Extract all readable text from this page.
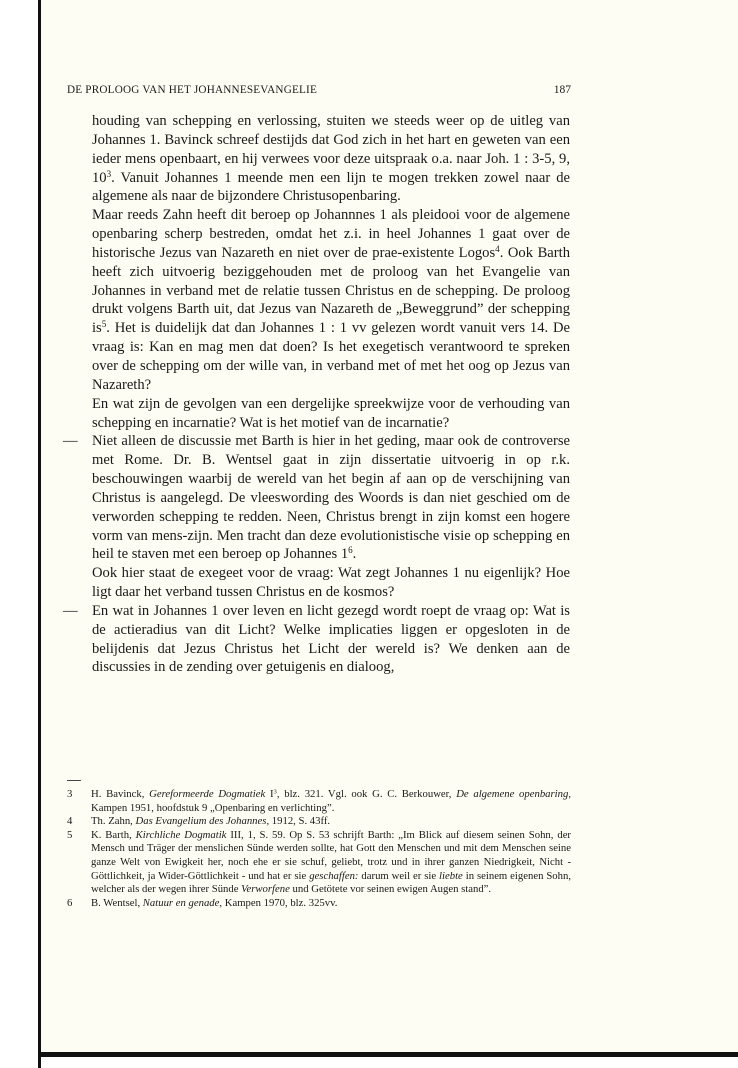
DE PROLOOG VAN HET JOHANNESEVANGELIE	187

houding van schepping en verlossing, stuiten we steeds weer op de uitleg van Johannes 1. Bavinck schreef destijds dat God zich in het hart en geweten van een ieder mens openbaart, en hij verwees voor deze uitspraak o.a. naar Joh. 1 : 3-5, 9, $10^3$. Vanuit Johannes 1 meende men een lijn te mogen trekken zowel naar de algemene als naar de bijzondere Christusopenbaring.

Maar reeds Zahn heeft dit beroep op Johannnes 1 als pleidooi voor de algemene openbaring scherp bestreden, omdat het z.i. in heel Johannes 1 gaat over de historische Jezus van Nazareth en niet over de prae-existente Logos$^4$. Ook Barth heeft zich uitvoerig beziggehouden met de proloog van het Evangelie van Johannes in verband met de relatie tussen Christus en de schepping. De proloog drukt volgens Barth uit, dat Jezus van Nazareth de „Beweggrund” der schepping $is^5$. Het is duidelijk dat dan Johannes 1 : 1 vv gelezen wordt vanuit vers 14. De vraag is: Kan en mag men dat doen? Is het exegetisch verantwoord te spreken over de schepping om der wille van, in verband met of met het oog op Jezus van Nazareth?

En wat zijn de gevolgen van een dergelijke spreekwijze voor de verhouding van schepping en incarnatie? Wat is het motief van de incarnatie?

— Niet alleen de discussie met Barth is hier in het geding, maar ook de controverse met Rome. Dr. B. Wentsel gaat in zijn dissertatie uitvoerig in op r.k. beschouwingen waarbij de wereld van het begin af aan op de verschijning van Christus is aangelegd. De vleeswording des Woords is dan niet geschied om de verworden schepping te redden. Neen, Christus brengt in zijn komst een hogere vorm van mens-zijn. Men tracht dan deze evolutionistische visie op schepping en heil te staven met een beroep op Johannes $1^6$.

Ook hier staat de exegeet voor de vraag: Wat zegt Johannes 1 nu eigenlijk? Hoe ligt daar het verband tussen Christus en de kosmos?

— En wat in Johannes 1 over leven en licht gezegd wordt roept de vraag op: Wat is de actieradius van dit Licht? Welke implicaties liggen er opgesloten in de belijdenis dat Jezus Christus het Licht der wereld is? We denken aan de discussies in de zending over getuigenis en dialoog,

3	H. Bavinck, Gereformeerde Dogmatiek $I^3$, blz. 321. Vgl. ook G. C. Berkouwer, De algemene openbaring, Kampen 1951, hoofdstuk 9 „Openbaring en verlichting”.
4	Th. Zahn, Das Evangelium des Johannes, 1912, S. 43ff.
5	K. Barth, Kirchliche Dogmatik III, 1, S. 59. Op S. 53 schrijft Barth: „Im Blick auf diesem seinen Sohn, der Mensch und Träger der menslichen Sünde werden sollte, hat Gott den Menschen und mit dem Menschen seine ganze Welt von Ewigkeit her, noch ehe er sie schuf, geliebt, trotz und in ihrer ganzen Niedrigkeit, Nicht - Göttlichkeit, ja Wider-Göttlichkeit - und hat er sie geschaffen: darum weil er sie liebte in seinem eigenen Sohn, welcher als der wegen ihrer Sünde Verworfene und Getötete vor seinen ewigen Augen stand”.
6	B. Wentsel, Natuur en genade, Kampen 1970, blz. 325vv.
